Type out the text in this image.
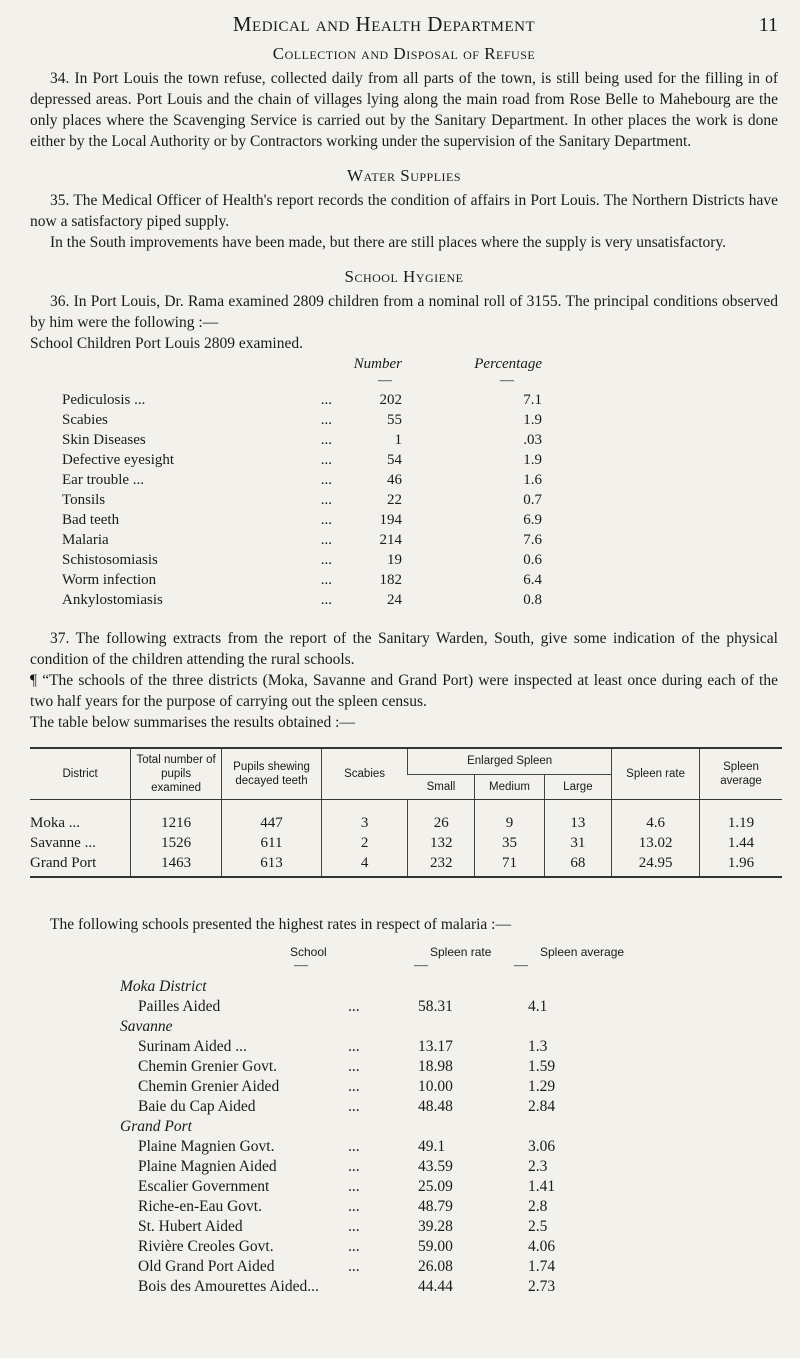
Medical and Health Department	11
Collection and Disposal of Refuse

34. In Port Louis the town refuse, collected daily from all parts of the town, is still being used for the filling in of depressed areas. Port Louis and the chain of villages lying along the main road from Rose Belle to Mahebourg are the only places where the Scavenging Service is carried out by the Sanitary Department. In other places the work is done either by the Local Authority or by Contractors working under the supervision of the Sanitary Department.

Water Supplies

35. The Medical Officer of Health's report records the condition of affairs in Port Louis. The Northern Districts have now a satisfactory piped supply.

In the South improvements have been made, but there are still places where the supply is very unsatisfactory.

School Hygiene

36. In Port Louis, Dr. Rama examined 2809 children from a nominal roll of 3155. The principal conditions observed by him were the following :—

School Children Port Louis 2809 examined.

Number	Percentage
—	—
Pediculosis ...	...	202	7.1
Scabies	...	55	1.9
Skin Diseases	...	1	.03
Defective eyesight	...	54	1.9
Ear trouble ...	...	46	1.6
Tonsils	...	22	0.7
Bad teeth	...	194	6.9
Malaria	...	214	7.6
Schistosomiasis	...	19	0.6
Worm infection	...	182	6.4
Ankylostomiasis	...	24	0.8

37. The following extracts from the report of the Sanitary Warden, South, give some indication of the physical condition of the children attending the rural schools.

¶ “The schools of the three districts (Moka, Savanne and Grand Port) were inspected at least once during each of the two half years for the purpose of carrying out the spleen census.

The table below summarises the results obtained :—

District	Total number of pupils examined	Pupils shewing decayed teeth	Scabies	Enlarged Spleen			Spleen rate	Spleen average
				Small	Medium	Large		
Moka ...	1216	447	3	26	9	13	4.6	1.19
Savanne ...	1526	611	2	132	35	31	13.02	1.44
Grand Port	1463	613	4	232	71	68	24.95	1.96

The following schools presented the highest rates in respect of malaria :—

School	Spleen rate	Spleen average
—	—	—
Moka District
Pailles Aided	...	58.31	4.1
Savanne
Surinam Aided ...	...	13.17	1.3
Chemin Grenier Govt.	...	18.98	1.59
Chemin Grenier Aided	...	10.00	1.29
Baie du Cap Aided	...	48.48	2.84
Grand Port
Plaine Magnien Govt.	...	49.1	3.06
Plaine Magnien Aided	...	43.59	2.3
Escalier Government	...	25.09	1.41
Riche-en-Eau Govt.	...	48.79	2.8
St. Hubert Aided	...	39.28	2.5
Rivière Creoles Govt.	...	59.00	4.06
Old Grand Port Aided	...	26.08	1.74
Bois des Amourettes Aided...	44.44	2.73
